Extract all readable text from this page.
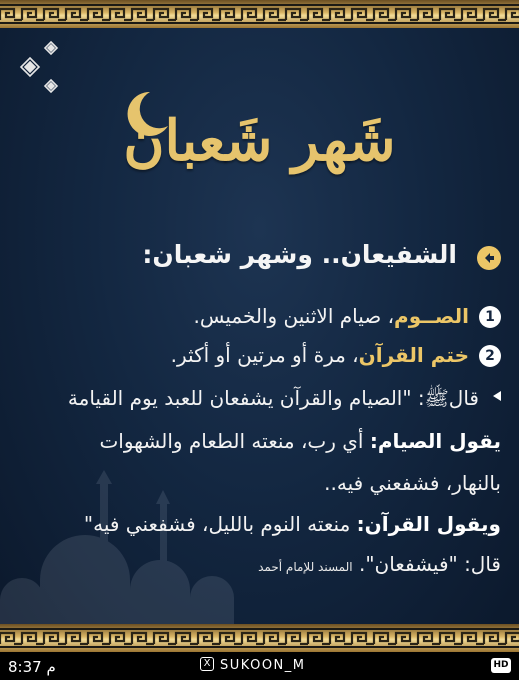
شَهر شَعبان
الشفيعان.. وشهر شعبان:
1الصــوم، صيام الاثنين والخميس.
2ختم القرآن، مرة أو مرتين أو أكثر.
قالﷺ: "الصيام والقرآن يشفعان للعبد يوم القيامة
يقول الصيام: أي رب، منعته الطعام والشهوات
بالنهار، فشفعني فيه..
ويقول القرآن: منعته النوم بالليل، فشفعني فيه"
قال: "فيشفعان". المسند للإمام أحمد
8:37 م	X SUKOON_M	HD
